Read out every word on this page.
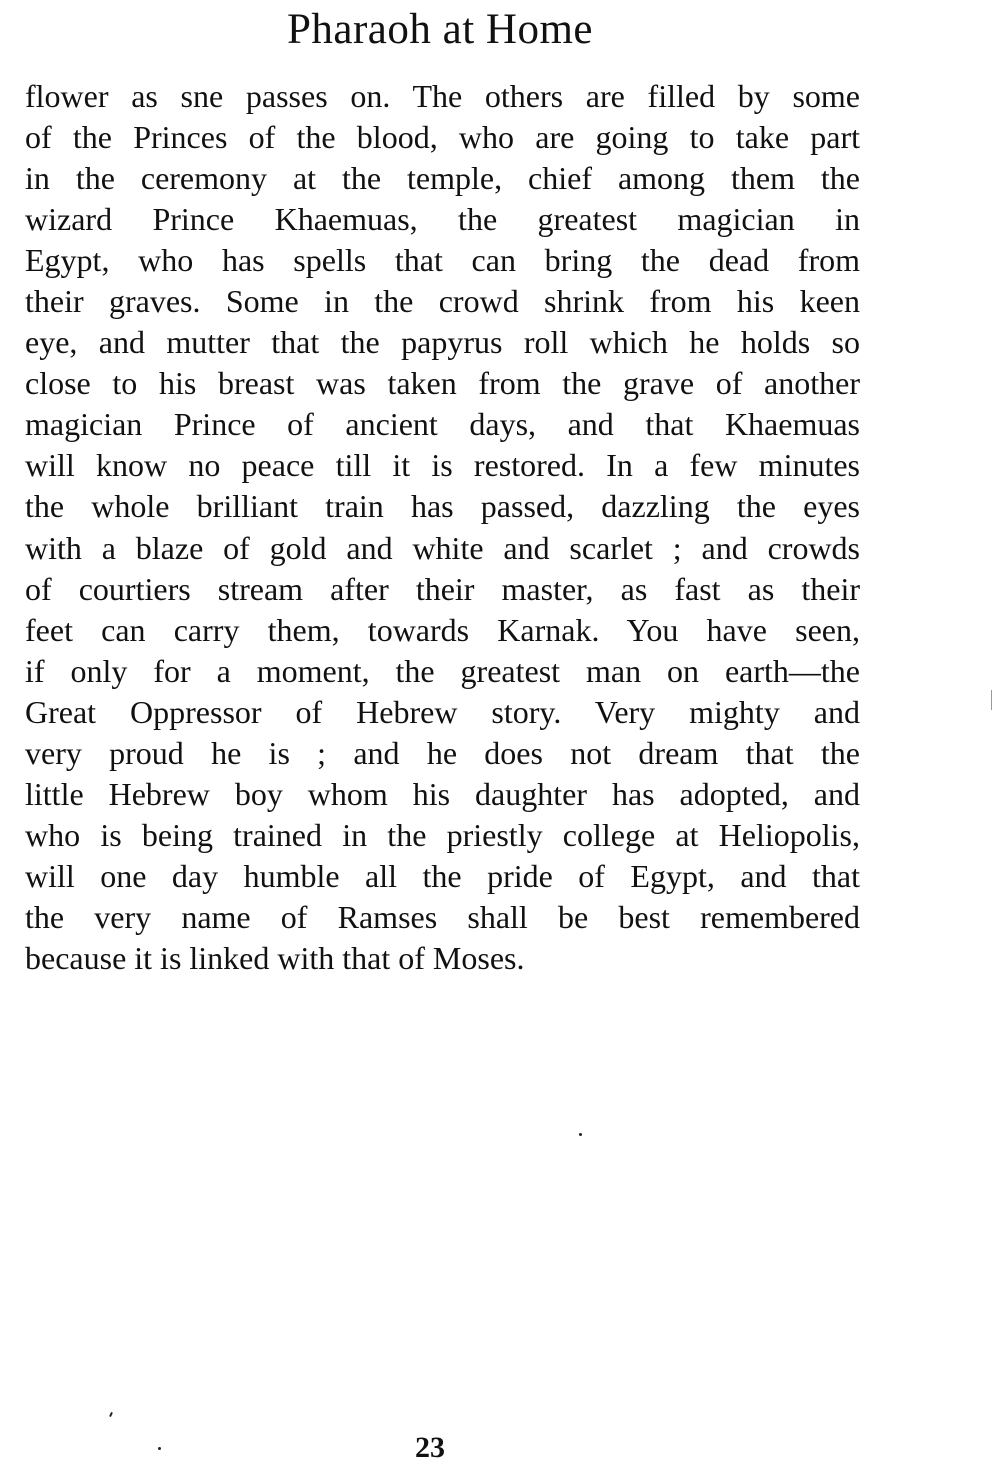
Pharaoh at Home
flower as sne passes on. The others are filled by some
of the Princes of the blood, who are going to take part
in the ceremony at the temple, chief among them the
wizard Prince Khaemuas, the greatest magician in
Egypt, who has spells that can bring the dead from
their graves. Some in the crowd shrink from his keen
eye, and mutter that the papyrus roll which he holds so
close to his breast was taken from the grave of another
magician Prince of ancient days, and that Khaemuas
will know no peace till it is restored. In a few minutes
the whole brilliant train has passed, dazzling the eyes
with a blaze of gold and white and scarlet ; and crowds
of courtiers stream after their master, as fast as their
feet can carry them, towards Karnak. You have seen,
if only for a moment, the greatest man on earth—the
Great Oppressor of Hebrew story. Very mighty and
very proud he is ; and he does not dream that the
little Hebrew boy whom his daughter has adopted, and
who is being trained in the priestly college at Heliopolis,
will one day humble all the pride of Egypt, and that
the very name of Ramses shall be best remembered
because it is linked with that of Moses.
23
